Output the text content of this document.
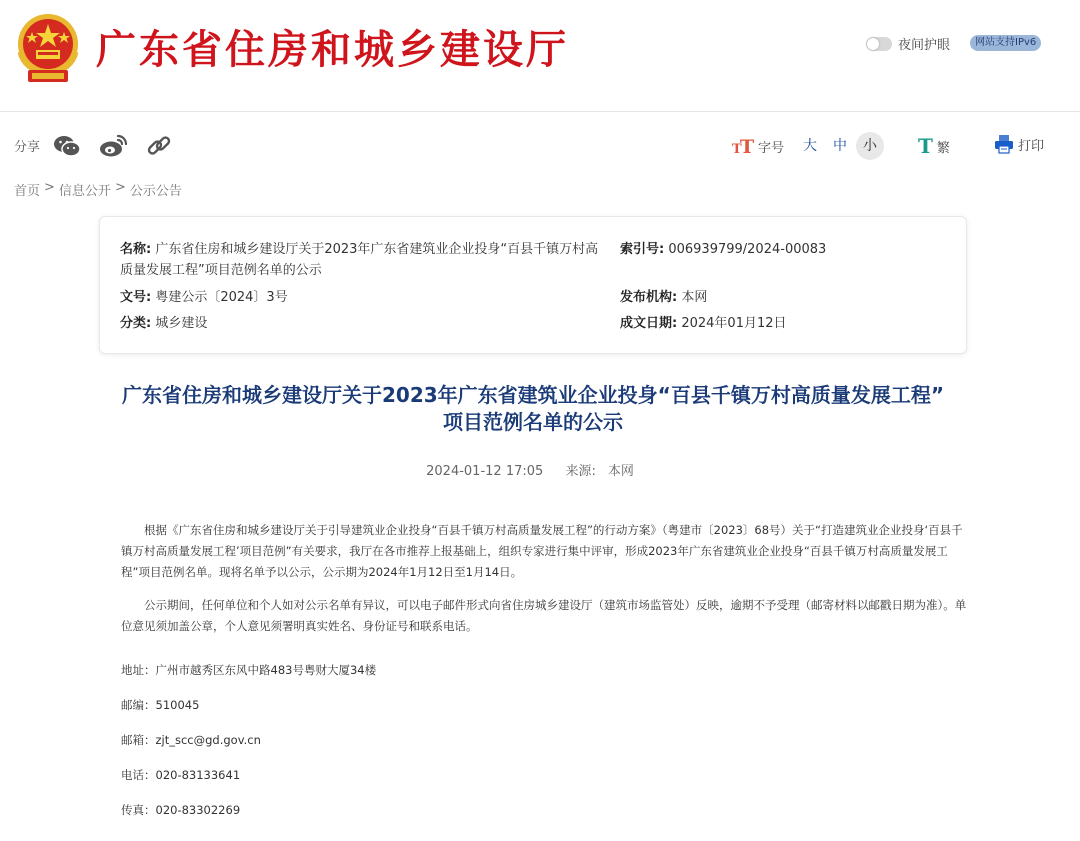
广东省住房和城乡建设厅	夜间护眼	网站支持IPv6
分享	T
T 字号	大	中	小	T 繁	打印
首页 > 信息公开 > 公示公告
名称: 广东省住房和城乡建设厅关于2023年广东省建筑业企业投身“百县千镇万村高质量发展工程”项目范例名单的公示
索引号: 006939799/2024-00083
文号: 粤建公示〔2024〕3号	发布机构: 本网
分类: 城乡建设	成文日期: 2024年01月12日
广东省住房和城乡建设厅关于2023年广东省建筑业企业投身“百县千镇万村高质量发展工程”
项目范例名单的公示
2024-01-12 17:05 来源: 本网

根据《广东省住房和城乡建设厅关于引导建筑业企业投身“百县千镇万村高质量发展工程”的行动方案》（粤建市〔2023〕68号）关于“打造建筑业企业投身‘百县千镇万村高质量发展工程’项目范例”有关要求，我厅在各市推荐上报基础上，组织专家进行集中评审，形成2023年广东省建筑业企业投身“百县千镇万村高质量发展工程”项目范例名单。现将名单予以公示，公示期为2024年1月12日至1月14日。

公示期间，任何单位和个人如对公示名单有异议，可以电子邮件形式向省住房城乡建设厅（建筑市场监管处）反映，逾期不予受理（邮寄材料以邮戳日期为准）。单位意见须加盖公章，个人意见须署明真实姓名、身份证号和联系电话。

地址：广州市越秀区东风中路483号粤财大厦34楼
邮编：510045
邮箱：zjt_scc@gd.gov.cn
电话：020-83133641
传真：020-83302269
